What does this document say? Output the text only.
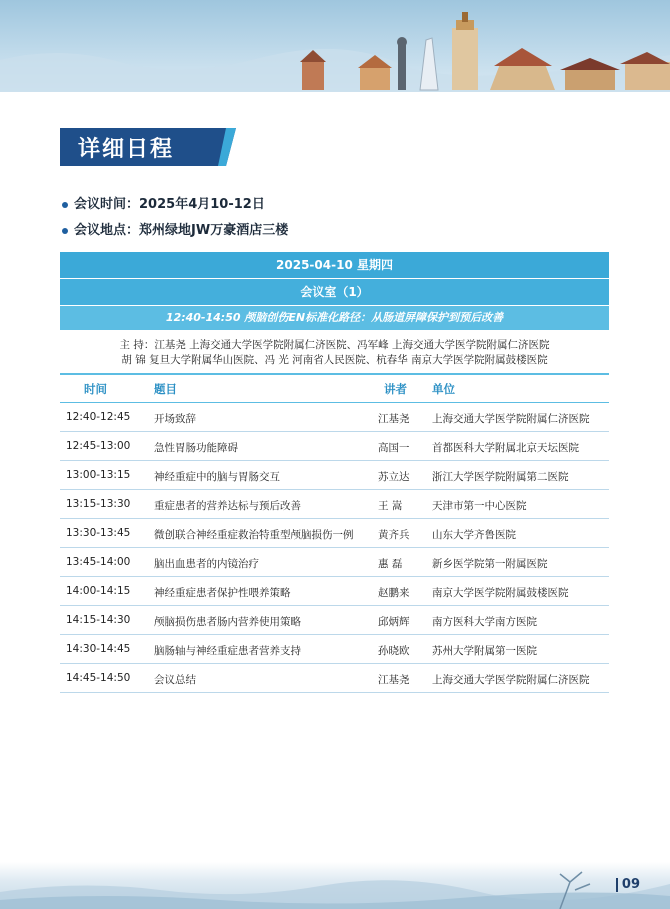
详细日程
会议时间：2025年4月10-12日
会议地点：郑州绿地JW万豪酒店三楼
2025-04-10 星期四
会议室（1）
12:40-14:50 颅脑创伤EN标准化路径：从肠道屏障保护到预后改善
主 持：江基尧 上海交通大学医学院附属仁济医院、冯军峰 上海交通大学医学院附属仁济医院
胡 锦 复旦大学附属华山医院、冯 光 河南省人民医院、杭春华 南京大学医学院附属鼓楼医院
时间	题目	讲者 单位
12:40-12:45 开场致辞	江基尧 上海交通大学医学院附属仁济医院
12:45-13:00 急性胃肠功能障碍	高国一 首都医科大学附属北京天坛医院
13:00-13:15 神经重症中的脑与胃肠交互	苏立达 浙江大学医学院附属第二医院
13:15-13:30 重症患者的营养达标与预后改善	王 嵩	天津市第一中心医院
13:30-13:45 微创联合神经重症救治特重型颅脑损伤一例 黄齐兵 山东大学齐鲁医院
13:45-14:00 脑出血患者的内镜治疗	惠 磊	新乡医学院第一附属医院
14:00-14:15 神经重症患者保护性喂养策略	赵鹏来 南京大学医学院附属鼓楼医院
14:15-14:30 颅脑损伤患者肠内营养使用策略	邱炳辉 南方医科大学南方医院
14:30-14:45 脑肠轴与神经重症患者营养支持	孙晓欧 苏州大学附属第一医院
14:45-14:50 会议总结	江基尧 上海交通大学医学院附属仁济医院
09
